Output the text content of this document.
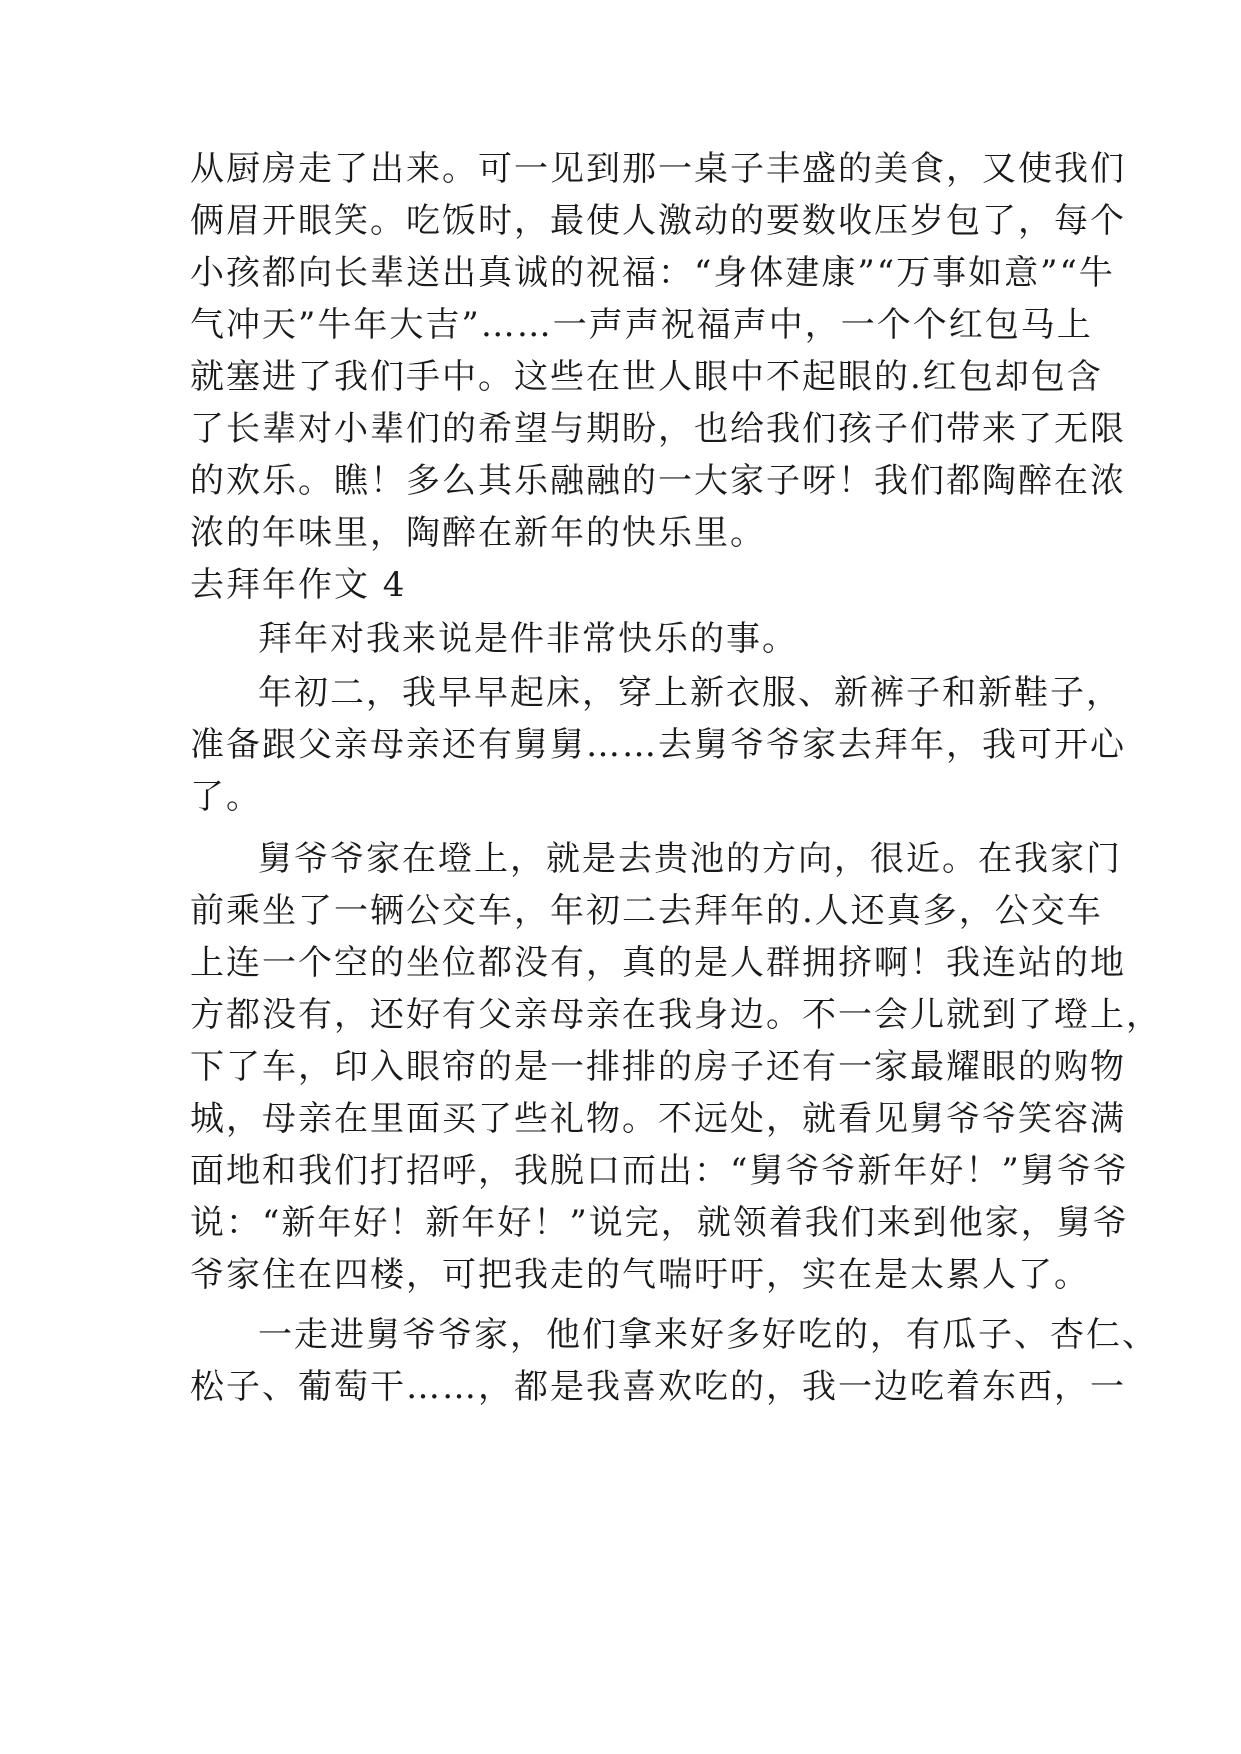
从厨房走了出来。可一见到那一桌子丰盛的美食，又使我们
俩眉开眼笑。吃饭时，最使人激动的要数收压岁包了，每个
小孩都向长辈送出真诚的祝福：“身体建康”“万事如意”“牛
气冲天”牛年大吉”……一声声祝福声中，一个个红包马上
就塞进了我们手中。这些在世人眼中不起眼的.红包却包含
了长辈对小辈们的希望与期盼，也给我们孩子们带来了无限
的欢乐。瞧！多么其乐融融的一大家子呀！我们都陶醉在浓
浓的年味里，陶醉在新年的快乐里。
去拜年作文 4
拜年对我来说是件非常快乐的事。
年初二，我早早起床，穿上新衣服、新裤子和新鞋子，
准备跟父亲母亲还有舅舅……去舅爷爷家去拜年，我可开心
了。
舅爷爷家在墱上，就是去贵池的方向，很近。在我家门
前乘坐了一辆公交车，年初二去拜年的.人还真多，公交车
上连一个空的坐位都没有，真的是人群拥挤啊！我连站的地
方都没有，还好有父亲母亲在我身边。不一会儿就到了墱上，
下了车，印入眼帘的是一排排的房子还有一家最耀眼的购物
城，母亲在里面买了些礼物。不远处，就看见舅爷爷笑容满
面地和我们打招呼，我脱口而出：“舅爷爷新年好！”舅爷爷
说：“新年好！新年好！”说完，就领着我们来到他家，舅爷
爷家住在四楼，可把我走的气喘吁吁，实在是太累人了。
一走进舅爷爷家，他们拿来好多好吃的，有瓜子、杏仁、
松子、葡萄干……，都是我喜欢吃的，我一边吃着东西，一
